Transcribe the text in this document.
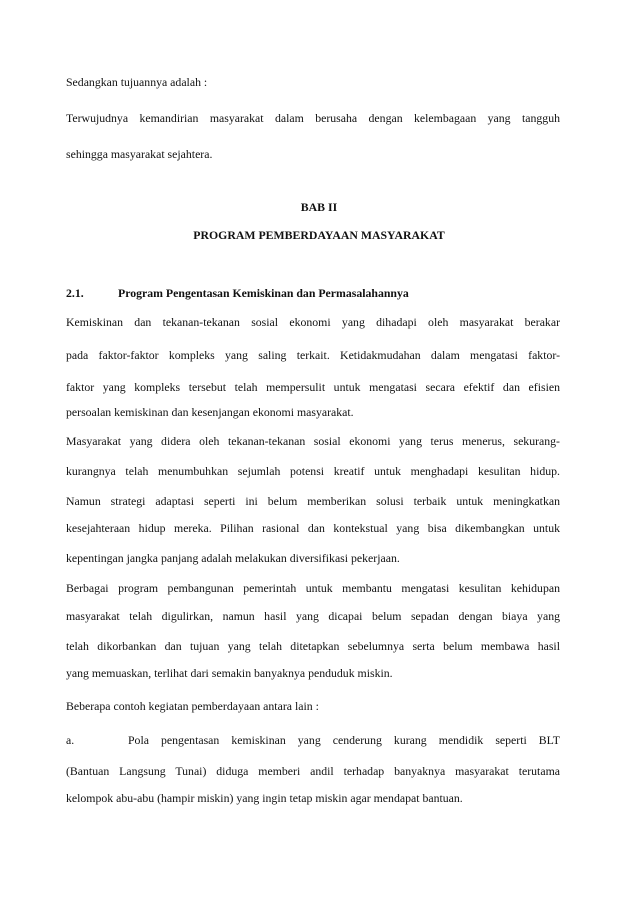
Sedangkan tujuannya adalah :
Terwujudnya kemandirian masyarakat dalam berusaha dengan kelembagaan yang tangguh
sehingga masyarakat sejahtera.
BAB II
PROGRAM PEMBERDAYAAN MASYARAKAT
2.1.	Program Pengentasan Kemiskinan dan Permasalahannya
Kemiskinan dan tekanan-tekanan sosial ekonomi yang dihadapi oleh masyarakat berakar
pada faktor-faktor kompleks yang saling terkait. Ketidakmudahan dalam mengatasi faktor-
faktor yang kompleks tersebut telah mempersulit untuk mengatasi secara efektif dan efisien
persoalan kemiskinan dan kesenjangan ekonomi masyarakat.
Masyarakat yang didera oleh tekanan-tekanan sosial ekonomi yang terus menerus, sekurang-
kurangnya telah menumbuhkan sejumlah potensi kreatif untuk menghadapi kesulitan hidup.
Namun strategi adaptasi seperti ini belum memberikan solusi terbaik untuk meningkatkan
kesejahteraan hidup mereka. Pilihan rasional dan kontekstual yang bisa dikembangkan untuk
kepentingan jangka panjang adalah melakukan diversifikasi pekerjaan.
Berbagai program pembangunan pemerintah untuk membantu mengatasi kesulitan kehidupan
masyarakat telah digulirkan, namun hasil yang dicapai belum sepadan dengan biaya yang
telah dikorbankan dan tujuan yang telah ditetapkan sebelumnya serta belum membawa hasil
yang memuaskan, terlihat dari semakin banyaknya penduduk miskin.
Beberapa contoh kegiatan pemberdayaan antara lain :
a.	Pola pengentasan kemiskinan yang cenderung kurang mendidik seperti BLT
(Bantuan Langsung Tunai) diduga memberi andil terhadap banyaknya masyarakat terutama
kelompok abu-abu (hampir miskin) yang ingin tetap miskin agar mendapat bantuan.
